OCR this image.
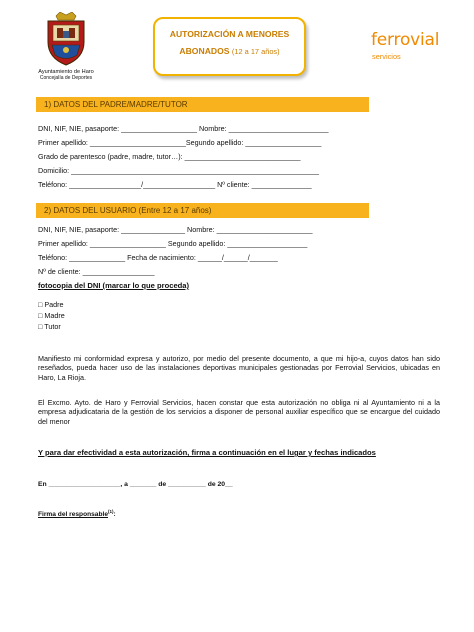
Ayuntamiento de Haro
Concejalía de Deportes
AUTORIZACIÓN A MENORES
ABONADOS (12 a 17 años)
ferrovial
servicios
1) DATOS DEL PADRE/MADRE/TUTOR
DNI, NIF, NIE, pasaporte: ___________________ Nombre: _________________________
Primer apellido: ________________________Segundo apellido: ___________________
Grado de parentesco (padre, madre, tutor…): _____________________________
Domicilio: ______________________________________________________________
Teléfono: __________________/__________________ Nº cliente: _______________
2) DATOS DEL USUARIO (Entre 12 a 17 años)
DNI, NIF, NIE, pasaporte: ________________ Nombre: ________________________
Primer apellido: ___________________ Segundo apellido: ____________________
Teléfono: ______________ Fecha de nacimiento: ______/______/_______
Nº de cliente: __________________
fotocopia del DNI (marcar lo que proceda)
□ Padre
□ Madre
□ Tutor
Manifiesto mi conformidad expresa y autorizo, por medio del presente documento, a que mi hijo-a, cuyos datos han sido reseñados, pueda hacer uso de las instalaciones deportivas municipales gestionadas por Ferrovial Servicios, ubicadas en Haro, La Rioja.
El Excmo. Ayto. de Haro y Ferrovial Servicios, hacen constar que esta autorización no obliga ni al Ayuntamiento ni a la empresa adjudicataria de la gestión de los servicios a disponer de personal auxiliar específico que se encargue del cuidado del menor
Y para dar efectividad a esta autorización, firma a continuación en el lugar y fechas indicados
En ___________________, a _______ de __________ de 20__
Firma del responsable$^{(1)}$:
